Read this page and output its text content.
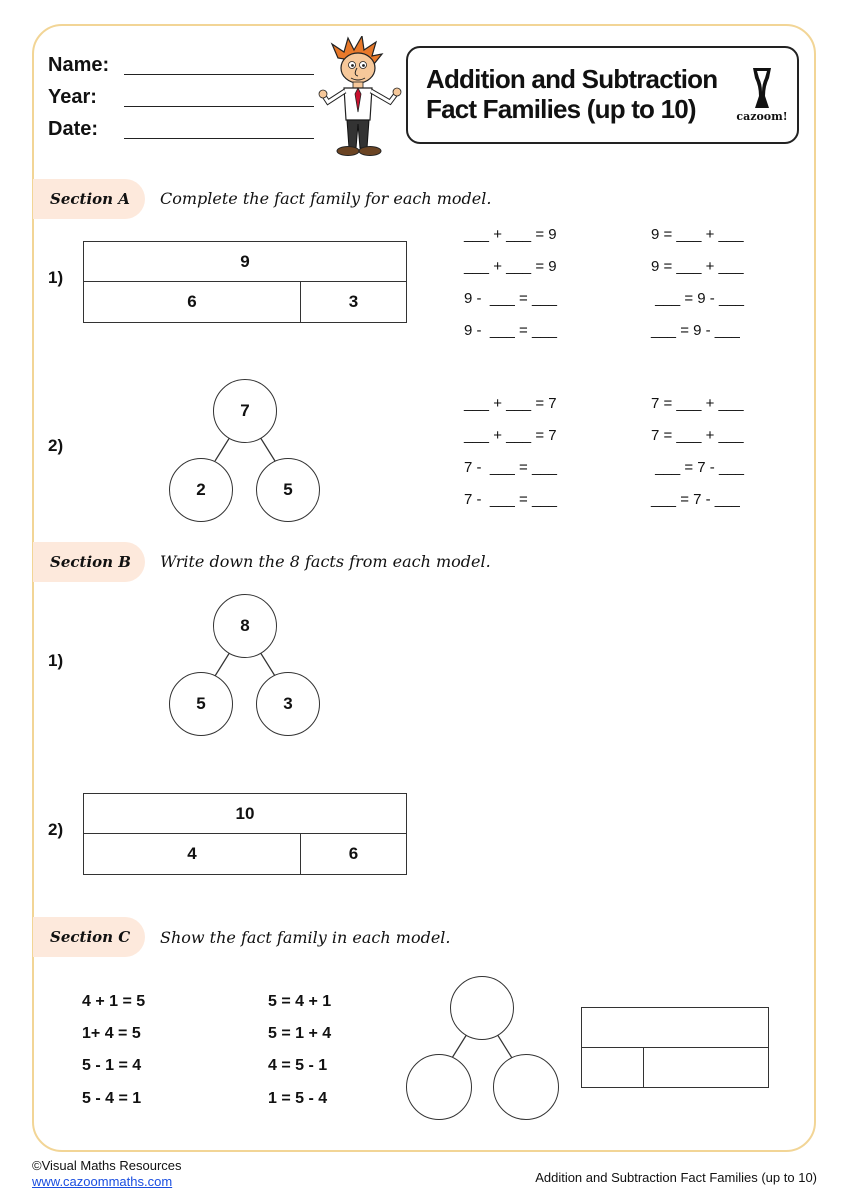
Name:
Year:
Date:
Addition and Subtraction
Fact Families (up to 10)	cazoom!
Section A	Complete the fact family for each model.
1)
9
6	3
___ + ___ = 9
___ + ___ = 9
9 -  ___ = ___
9 -  ___ = ___
9 = ___ + ___
9 = ___ + ___
___ = 9 - ___
___ = 9 - ___
2)
7
2	5
___ + ___ = 7
___ + ___ = 7
7 -  ___ = ___
7 -  ___ = ___
7 = ___ + ___
7 = ___ + ___
___ = 7 - ___
___ = 7 - ___
Section B	Write down the 8 facts from each model.
1)
8
5	3
2)
10
4	6
Section C	Show the fact family in each model.
4 + 1 = 5
1+ 4 = 5
5 - 1 = 4
5 - 4 = 1
5 = 4 + 1
5 = 1 + 4
4 = 5 - 1
1 = 5 - 4
©Visual Maths Resources
www.cazoommaths.com	Addition and Subtraction Fact Families (up to 10)
